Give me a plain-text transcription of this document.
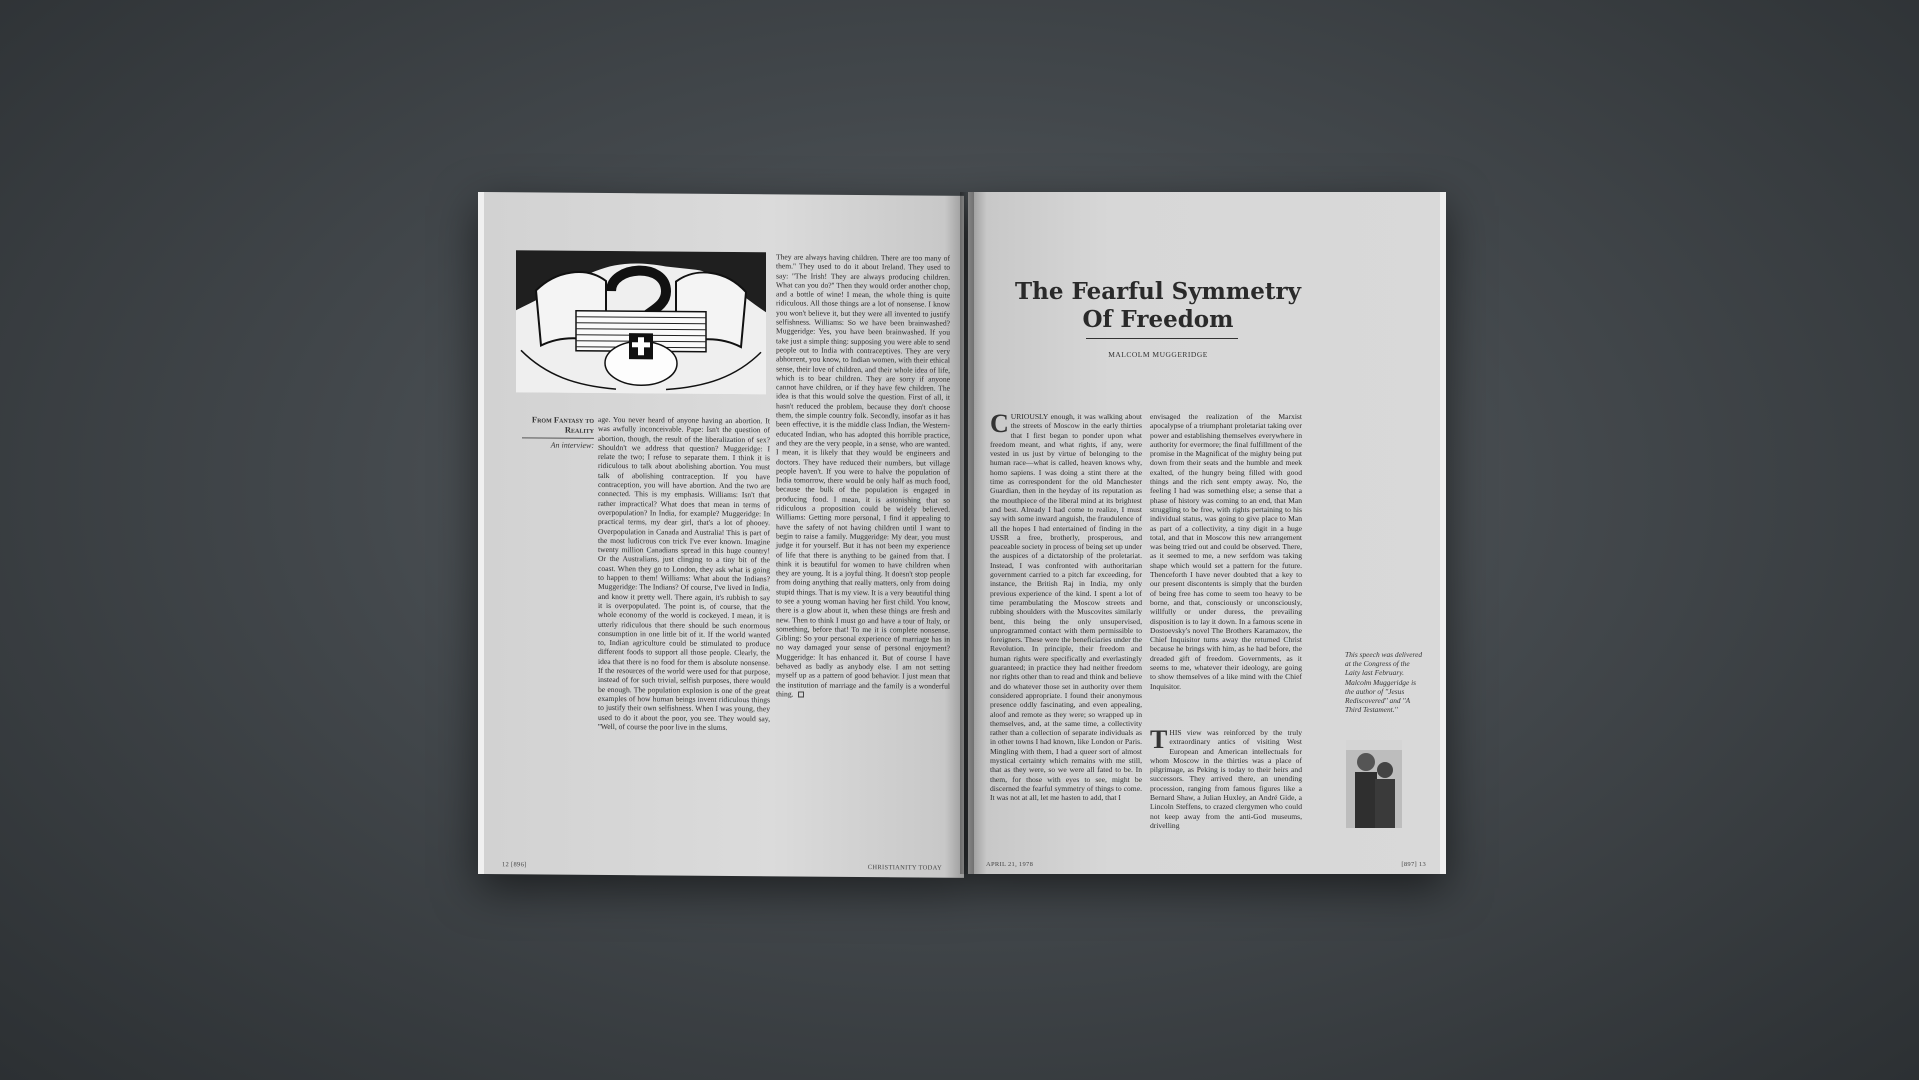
From Fantasy to Reality
An interview:

age. You never heard of anyone having an abortion. It was awfully inconceivable. Pape: Isn't the question of abortion, though, the result of the liberalization of sex? Shouldn't we address that question? Muggeridge: I relate the two; I refuse to separate them. I think it is ridiculous to talk about abolishing abortion. You must talk of abolishing contraception. If you have contraception, you will have abortion. And the two are connected. This is my emphasis. Williams: Isn't that rather impractical? What does that mean in terms of overpopulation? In India, for example? Muggeridge: In practical terms, my dear girl, that's a lot of phooey. Overpopulation in Canada and Australia! This is part of the most ludicrous con trick I've ever known. Imagine twenty million Canadians spread in this huge country! Or the Australians, just clinging to a tiny bit of the coast. When they go to London, they ask what is going to happen to them! Williams: What about the Indians? Muggeridge: The Indians? Of course, I've lived in India, and know it pretty well. There again, it's rubbish to say it is overpopulated. The point is, of course, that the whole economy of the world is cockeyed. I mean, it is utterly ridiculous that there should be such enormous consumption in one little bit of it. If the world wanted to, Indian agriculture could be stimulated to produce different foods to support all those people. Clearly, the idea that there is no food for them is absolute nonsense. If the resources of the world were used for that purpose, instead of for such trivial, selfish purposes, there would be enough. The population explosion is one of the great examples of how human beings invent ridiculous things to justify their own selfishness. When I was young, they used to do it about the poor, you see. They would say, ''Well, of course the poor live in the slums.

They are always having children. There are too many of them.'' They used to do it about Ireland. They used to say: ''The Irish! They are always producing children. What can you do?'' Then they would order another chop, and a bottle of wine! I mean, the whole thing is quite ridiculous. All those things are a lot of nonsense. I know you won't believe it, but they were all invented to justify selfishness. Williams: So we have been brainwashed? Muggeridge: Yes, you have been brainwashed. If you take just a simple thing: supposing you were able to send people out to India with contraceptives. They are very abhorrent, you know, to Indian women, with their ethical sense, their love of children, and their whole idea of life, which is to bear children. They are sorry if anyone cannot have children, or if they have few children. The idea is that this would solve the question. First of all, it hasn't reduced the problem, because they don't choose them, the simple country folk. Secondly, insofar as it has been effective, it is the middle class Indian, the Western-educated Indian, who has adopted this horrible practice, and they are the very people, in a sense, who are wanted. I mean, it is likely that they would be engineers and doctors. They have reduced their numbers, but village people haven't. If you were to halve the population of India tomorrow, there would be only half as much food, because the bulk of the population is engaged in producing food. I mean, it is astonishing that so ridiculous a proposition could be widely believed. Williams: Getting more personal, I find it appealing to have the safety of not having children until I want to begin to raise a family. Muggeridge: My dear, you must judge it for yourself. But it has not been my experience of life that there is anything to be gained from that. I think it is beautiful for women to have children when they are young. It is a joyful thing. It doesn't stop people from doing anything that really matters, only from doing stupid things. That is my view. It is a very beautiful thing to see a young woman having her first child. You know, there is a glow about it, when these things are fresh and new. Then to think I must go and have a tour of Italy, or something, before that! To me it is complete nonsense. Gibling: So your personal experience of marriage has in no way damaged your sense of personal enjoyment? Muggeridge: It has enhanced it. But of course I have behaved as badly as anybody else. I am not setting myself up as a pattern of good behavior. I just mean that the institution of marriage and the family is a wonderful thing.

12 [896]	CHRISTIANITY TODAY
The Fearful Symmetry
Of Freedom
MALCOLM MUGGERIDGE

CURIOUSLY enough, it was walking about the streets of Moscow in the early thirties that I first began to ponder upon what freedom meant, and what rights, if any, were vested in us just by virtue of belonging to the human race—what is called, heaven knows why, homo sapiens. I was doing a stint there at the time as correspondent for the old Manchester Guardian, then in the heyday of its reputation as the mouthpiece of the liberal mind at its brightest and best. Already I had come to realize, I must say with some inward anguish, the fraudulence of all the hopes I had entertained of finding in the USSR a free, brotherly, prosperous, and peaceable society in process of being set up under the auspices of a dictatorship of the proletariat. Instead, I was confronted with authoritarian government carried to a pitch far exceeding, for instance, the British Raj in India, my only previous experience of the kind. I spent a lot of time perambulating the Moscow streets and rubbing shoulders with the Muscovites similarly bent, this being the only unsupervised, unprogrammed contact with them permissible to foreigners. These were the beneficiaries under the Revolution. In principle, their freedom and human rights were specifically and everlastingly guaranteed; in practice they had neither freedom nor rights other than to read and think and believe and do whatever those set in authority over them considered appropriate. I found their anonymous presence oddly fascinating, and even appealing, aloof and remote as they were; so wrapped up in themselves, and, at the same time, a collectivity rather than a collection of separate individuals as in other towns I had known, like London or Paris. Mingling with them, I had a queer sort of almost mystical certainty which remains with me still, that as they were, so we were all fated to be. In them, for those with eyes to see, might be discerned the fearful symmetry of things to come. It was not at all, let me hasten to add, that I

envisaged the realization of the Marxist apocalypse of a triumphant proletariat taking over power and establishing themselves everywhere in authority for evermore; the final fulfillment of the promise in the Magnificat of the mighty being put down from their seats and the humble and meek exalted, of the hungry being filled with good things and the rich sent empty away. No, the feeling I had was something else; a sense that a phase of history was coming to an end, that Man struggling to be free, with rights pertaining to his individual status, was going to give place to Man as part of a collectivity, a tiny digit in a huge total, and that in Moscow this new arrangement was being tried out and could be observed. There, as it seemed to me, a new serfdom was taking shape which would set a pattern for the future. Thenceforth I have never doubted that a key to our present discontents is simply that the burden of being free has come to seem too heavy to be borne, and that, consciously or unconsciously, willfully or under duress, the prevailing disposition is to lay it down. In a famous scene in Dostoevsky's novel The Brothers Karamazov, the Chief Inquisitor turns away the returned Christ because he brings with him, as he had before, the dreaded gift of freedom. Governments, as it seems to me, whatever their ideology, are going to show themselves of a like mind with the Chief Inquisitor.

THIS view was reinforced by the truly extraordinary antics of visiting West European and American intellectuals for whom Moscow in the thirties was a place of pilgrimage, as Peking is today to their heirs and successors. They arrived there, an unending procession, ranging from famous figures like a Bernard Shaw, a Julian Huxley, an André Gide, a Lincoln Steffens, to crazed clergymen who could not keep away from the anti-God museums, drivelling

This speech was delivered at the Congress of the Laity last February. Malcolm Muggeridge is the author of ''Jesus Rediscovered'' and ''A Third Testament.''
APRIL 21, 1978	[897] 13
